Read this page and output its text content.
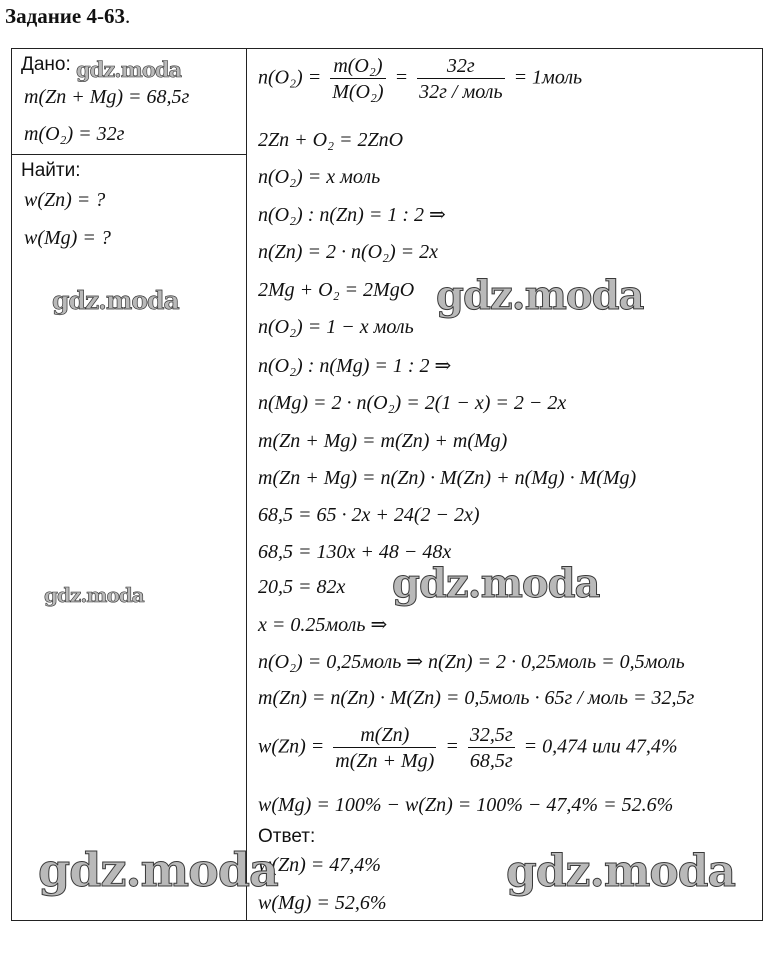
Задание 4-63.
Дано:
m(Zn + Mg) = 68,5г
m(O₂) = 32г
Найти:
w(Zn) = ?
w(Mg) = ?
$n(O_2) = \frac{\text{m(O₂)}}{\text{M(O₂)}} = \frac{32г}{\text{32г / моль}}$ = 1моль
2Zn + O₂ = 2ZnO
n(O₂) = x моль
n(O₂) : n(Zn) = 1 : 2 ⇒
n(Zn) = 2 · n(O₂) = 2x
2Mg + O₂ = 2MgO
n(O₂) = 1 − x моль
n(O₂) : n(Mg) = 1 : 2 ⇒
n(Mg) = 2 · n(O₂) = 2(1 − x) = 2 − 2x
m(Zn + Mg) = m(Zn) + m(Mg)
m(Zn + Mg) = n(Zn) · M(Zn) + n(Mg) · M(Mg)
68,5 = 65 · 2x + 24(2 − 2x)
68,5 = 130x + 48 − 48x
20,5 = 82x
x = 0.25моль ⇒
n(O₂) = 0,25моль ⇒ n(Zn) = 2 · 0,25моль = 0,5моль
m(Zn) = n(Zn) · M(Zn) = 0,5моль · 65г / моль = 32,5г
$w(Zn) = \frac{m(Zn)}{m(Zn + Mg)} = \frac{32,5г}{68,5г} = 0,474$ или 47,4%
w(Mg) = 100% − w(Zn) = 100% − 47,4% = 52.6%
Ответ:
w(Zn) = 47,4%
w(Mg) = 52,6%
gdz.moda
gdz.moda
gdz.moda
gdz.moda
gdz.moda
gdz.moda	gdz.moda
